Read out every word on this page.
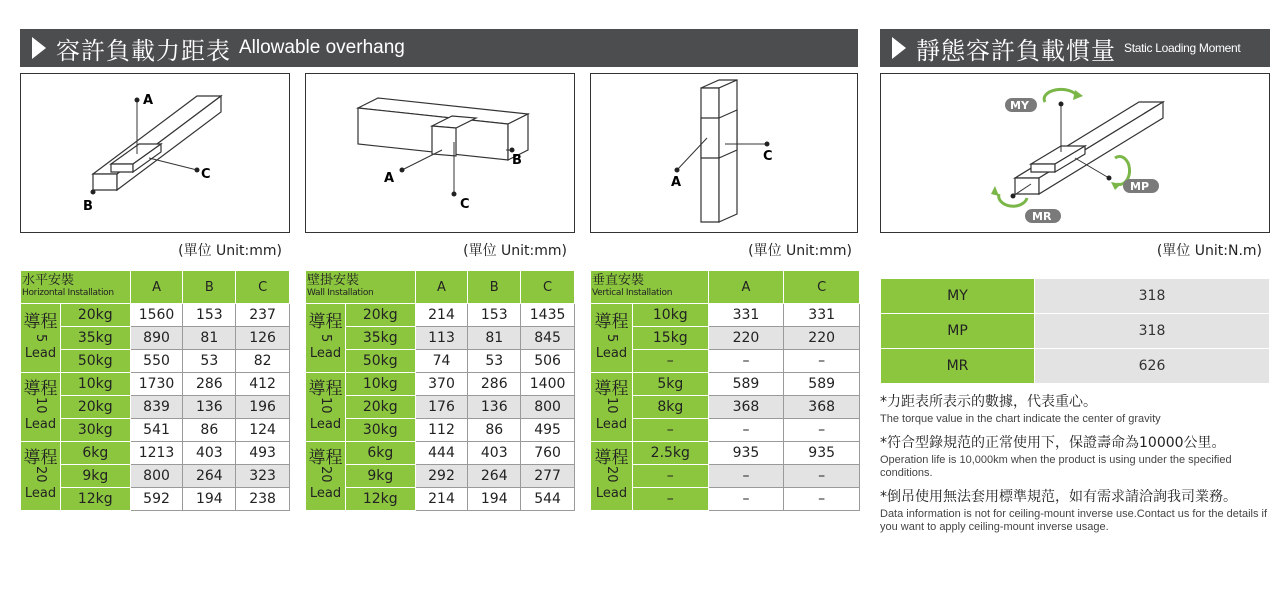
容許負載力距表 Allowable overhang	靜態容許負載慣量 Static Loading Moment
A
C
B
A
B
C
A
C
MY
MP
MR
(單位 Unit:mm)	(單位 Unit:mm)	(單位 Unit:mm)	(單位 Unit:N.m)
水平安裝
Horizontal Installation		A	B	C
導程
5
Lead	20kg	1560	153	237
	35kg	890	81	126
	50kg	550	53	82
導程
10
Lead	10kg	1730	286	412
	20kg	839	136	196
	30kg	541	86	124
導程
20
Lead	6kg	1213	403	493
	9kg	800	264	323
	12kg	592	194	238
壁掛安裝
Wall Installation		A	B	C
導程
5
Lead	20kg	214	153	1435
	35kg	113	81	845
	50kg	74	53	506
導程
10
Lead	10kg	370	286	1400
	20kg	176	136	800
	30kg	112	86	495
導程
20
Lead	6kg	444	403	760
	9kg	292	264	277
	12kg	214	194	544
垂直安裝
Vertical Installation		A	C
導程
5
Lead	10kg	331	331
	15kg	220	220
	–	–	–
導程
10
Lead	5kg	589	589
	8kg	368	368
	–	–	–
導程
20
Lead	2.5kg	935	935
	–	–	–
	–	–	–
MY	318
MP	318
MR	626

*力距表所表示的數據，代表重心。

The torque value in the chart indicate the center of gravity

*符合型錄規范的正常使用下，保證壽命為10000公里。

Operation life is 10,000km when the product is using under the specified conditions.

*倒吊使用無法套用標準規范，如有需求請洽詢我司業務。

Data information is not for ceiling-mount inverse use.Contact us for the details if you want to apply ceiling-mount inverse usage.
